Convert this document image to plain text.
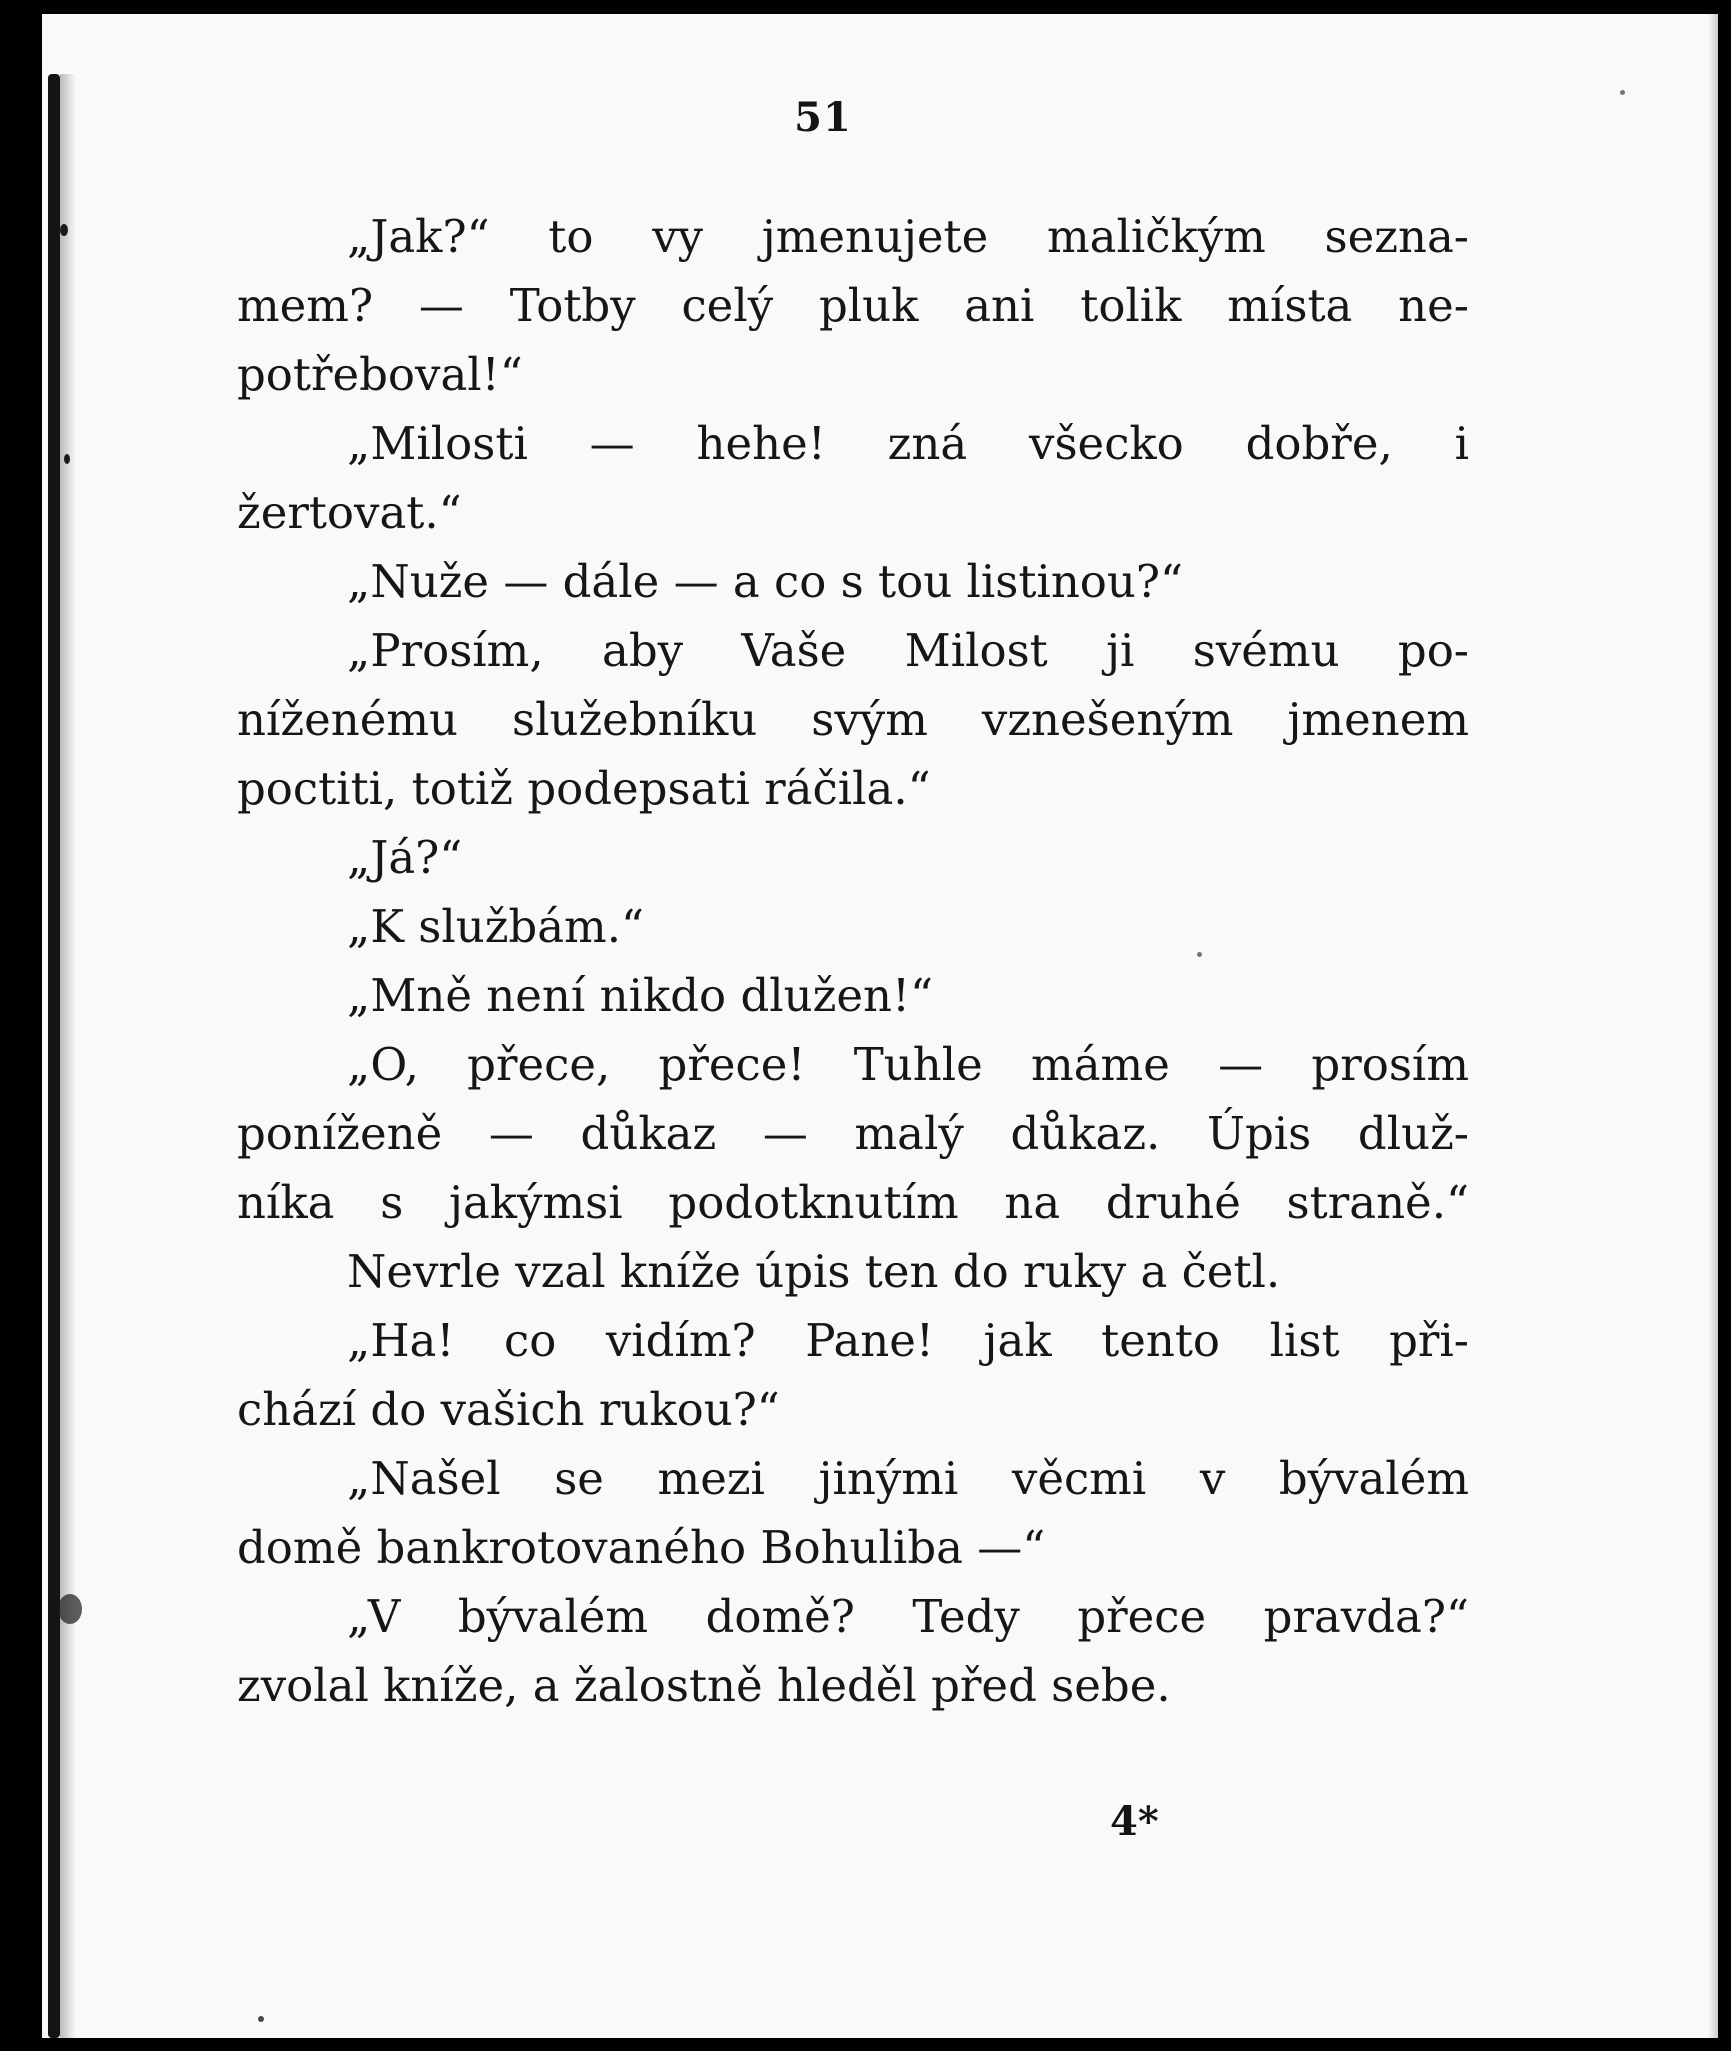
51
„Jak?“ to vy jmenujete maličkým sezna-
mem? — Totby celý pluk ani tolik místa ne-
potřeboval!“
„Milosti — hehe! zná všecko dobře, i
žertovat.“
„Nuže — dále — a co s tou listinou?“
„Prosím, aby Vaše Milost ji svému po-
níženému služebníku svým vznešeným jmenem
poctiti, totiž podepsati ráčila.“
„Já?“
„K službám.“
„Mně není nikdo dlužen!“
„O, přece, přece! Tuhle máme — prosím
poníženě — důkaz — malý důkaz. Úpis dluž-
níka s jakýmsi podotknutím na druhé straně.“
Nevrle vzal kníže úpis ten do ruky a četl.
„Ha! co vidím? Pane! jak tento list při-
chází do vašich rukou?“
„Našel se mezi jinými věcmi v bývalém
domě bankrotovaného Bohuliba —“
„V bývalém domě? Tedy přece pravda?“
zvolal kníže, a žalostně hleděl před sebe.
4*
